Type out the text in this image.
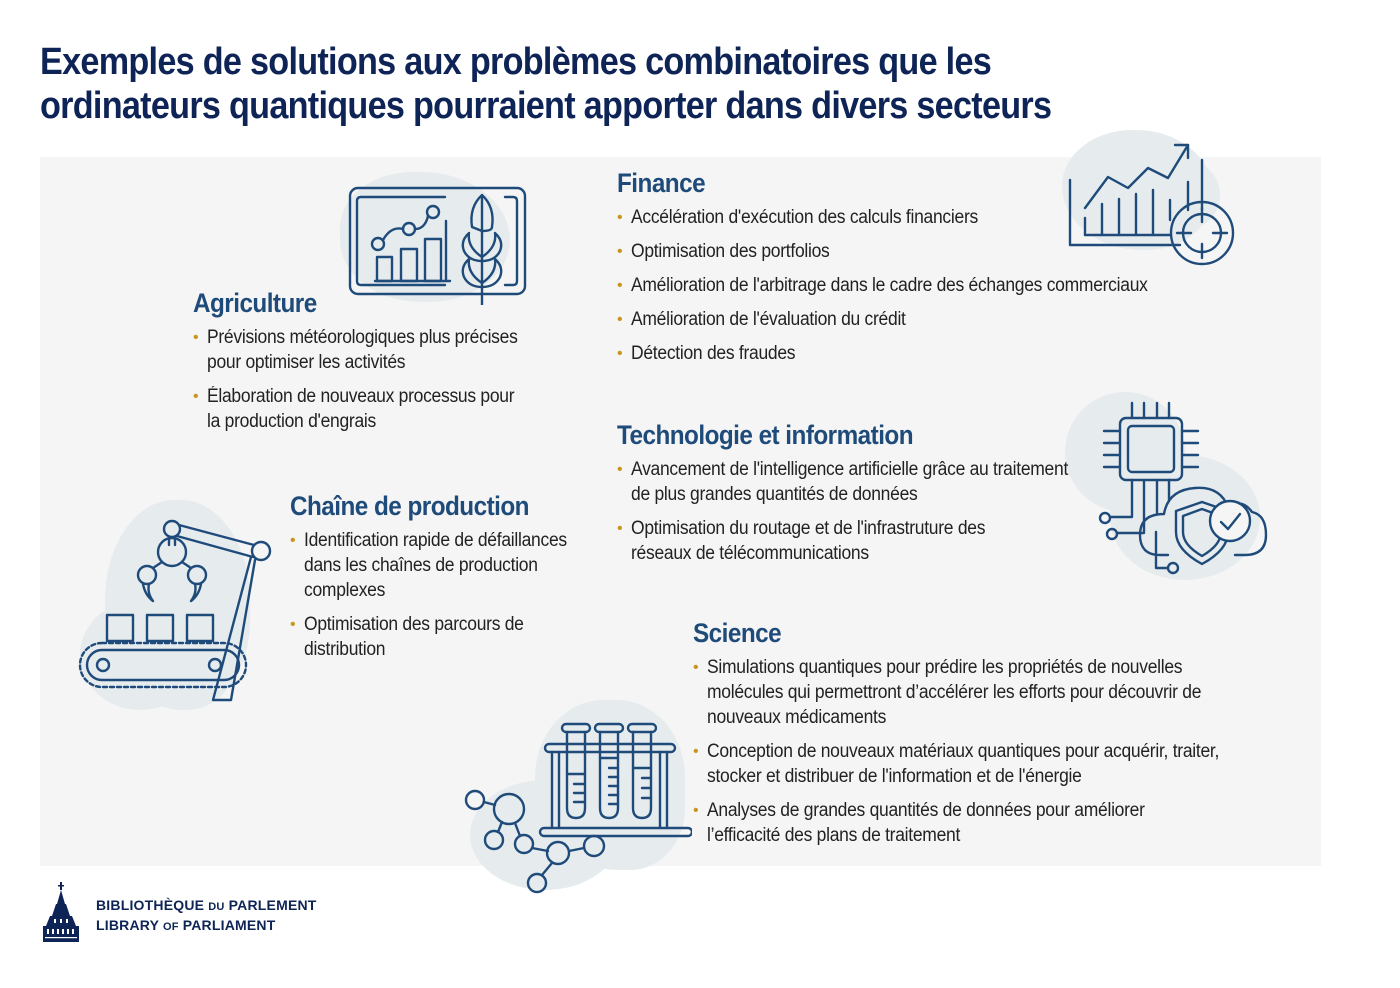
Exemples de solutions aux problèmes combinatoires que les
ordinateurs quantiques pourraient apporter dans divers secteurs
Finance
• Accélération d'exécution des calculs financiers
• Optimisation des portfolios
• Amélioration de l'arbitrage dans le cadre des échanges commerciaux
• Amélioration de l'évaluation du crédit
• Détection des fraudes
Agriculture
• Prévisions météorologiques plus précises pour optimiser les activités
• Élaboration de nouveaux processus pour la production d'engrais	Technologie et information
• Avancement de l'intelligence artificielle grâce au traitement de plus grandes quantités de données
• Optimisation du routage et de l'infrastruture des réseaux de télécommunications
Chaîne de production
• Identification rapide de défaillances dans les chaînes de production complexes
• Optimisation des parcours de distribution
Science
• Simulations quantiques pour prédire les propriétés de nouvelles molécules qui permettront d’accélérer les efforts pour découvrir de nouveaux médicaments
• Conception de nouveaux matériaux quantiques pour acquérir, traiter, stocker et distribuer de l'information et de l'énergie
• Analyses de grandes quantités de données pour améliorer l’efficacité des plans de traitement
BIBLIOTHÈQUE DU PARLEMENT
LIBRARY OF PARLIAMENT
